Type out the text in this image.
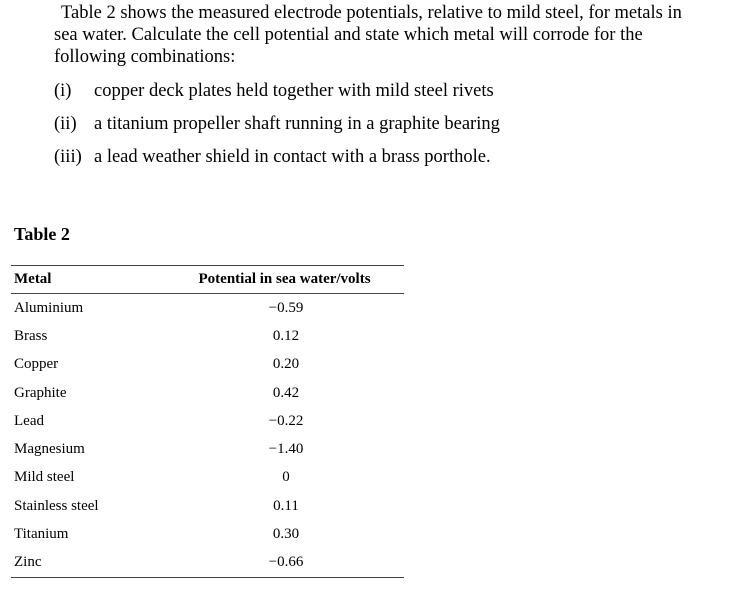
Table 2 shows the measured electrode potentials, relative to mild steel, for metals in sea water. Calculate the cell potential and state which metal will corrode for the following combinations:

(i) copper deck plates held together with mild steel rivets
(ii) a titanium propeller shaft running in a graphite bearing
(iii) a lead weather shield in contact with a brass porthole.
Table 2
Metal	Potential in sea water/volts
Aluminium	−0.59
Brass	0.12
Copper	0.20
Graphite	0.42
Lead	−0.22
Magnesium	−1.40
Mild steel	0
Stainless steel	0.11
Titanium	0.30
Zinc	−0.66
